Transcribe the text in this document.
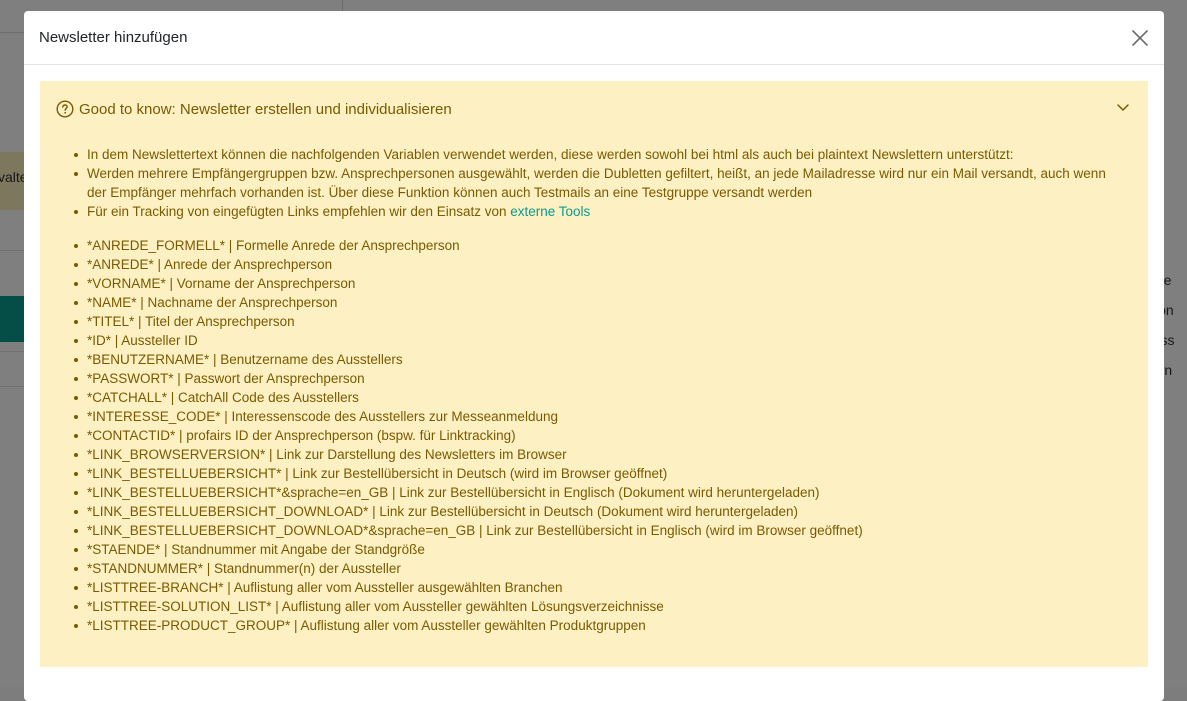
Newsletter hinzufügen
Good to know: Newsletter erstellen und individualisieren
In dem Newslettertext können die nachfolgenden Variablen verwendet werden, diese werden sowohl bei html als auch bei plaintext Newslettern unterstützt:
Werden mehrere Empfängergruppen bzw. Ansprechpersonen ausgewählt, werden die Dubletten gefiltert, heißt, an jede Mailadresse wird nur ein Mail versandt, auch wenn der Empfänger mehrfach vorhanden ist. Über diese Funktion können auch Testmails an eine Testgruppe versandt werden
Für ein Tracking von eingefügten Links empfehlen wir den Einsatz von externe Tools
*ANREDE_FORMELL* | Formelle Anrede der Ansprechperson
*ANREDE* | Anrede der Ansprechperson
*VORNAME* | Vorname der Ansprechperson
*NAME* | Nachname der Ansprechperson
*TITEL* | Titel der Ansprechperson
*ID* | Aussteller ID
*BENUTZERNAME* | Benutzername des Ausstellers
*PASSWORT* | Passwort der Ansprechperson
*CATCHALL* | CatchAll Code des Ausstellers
*INTERESSE_CODE* | Interessenscode des Ausstellers zur Messeanmeldung
*CONTACTID* | profairs ID der Ansprechperson (bspw. für Linktracking)
*LINK_BROWSERVERSION* | Link zur Darstellung des Newsletters im Browser
*LINK_BESTELLUEBERSICHT* | Link zur Bestellübersicht in Deutsch (wird im Browser geöffnet)
*LINK_BESTELLUEBERSICHT*&sprache=en_GB | Link zur Bestellübersicht in Englisch (Dokument wird heruntergeladen)
*LINK_BESTELLUEBERSICHT_DOWNLOAD* | Link zur Bestellübersicht in Deutsch (Dokument wird heruntergeladen)
*LINK_BESTELLUEBERSICHT_DOWNLOAD*&sprache=en_GB | Link zur Bestellübersicht in Englisch (wird im Browser geöffnet)
*STAENDE* | Standnummer mit Angabe der Standgröße
*STANDNUMMER* | Standnummer(n) der Aussteller
*LISTTREE-BRANCH* | Auflistung aller vom Aussteller ausgewählten Branchen
*LISTTREE-SOLUTION_LIST* | Auflistung aller vom Aussteller gewählten Lösungsverzeichnisse
*LISTTREE-PRODUCT_GROUP* | Auflistung aller vom Aussteller gewählten Produktgruppen
